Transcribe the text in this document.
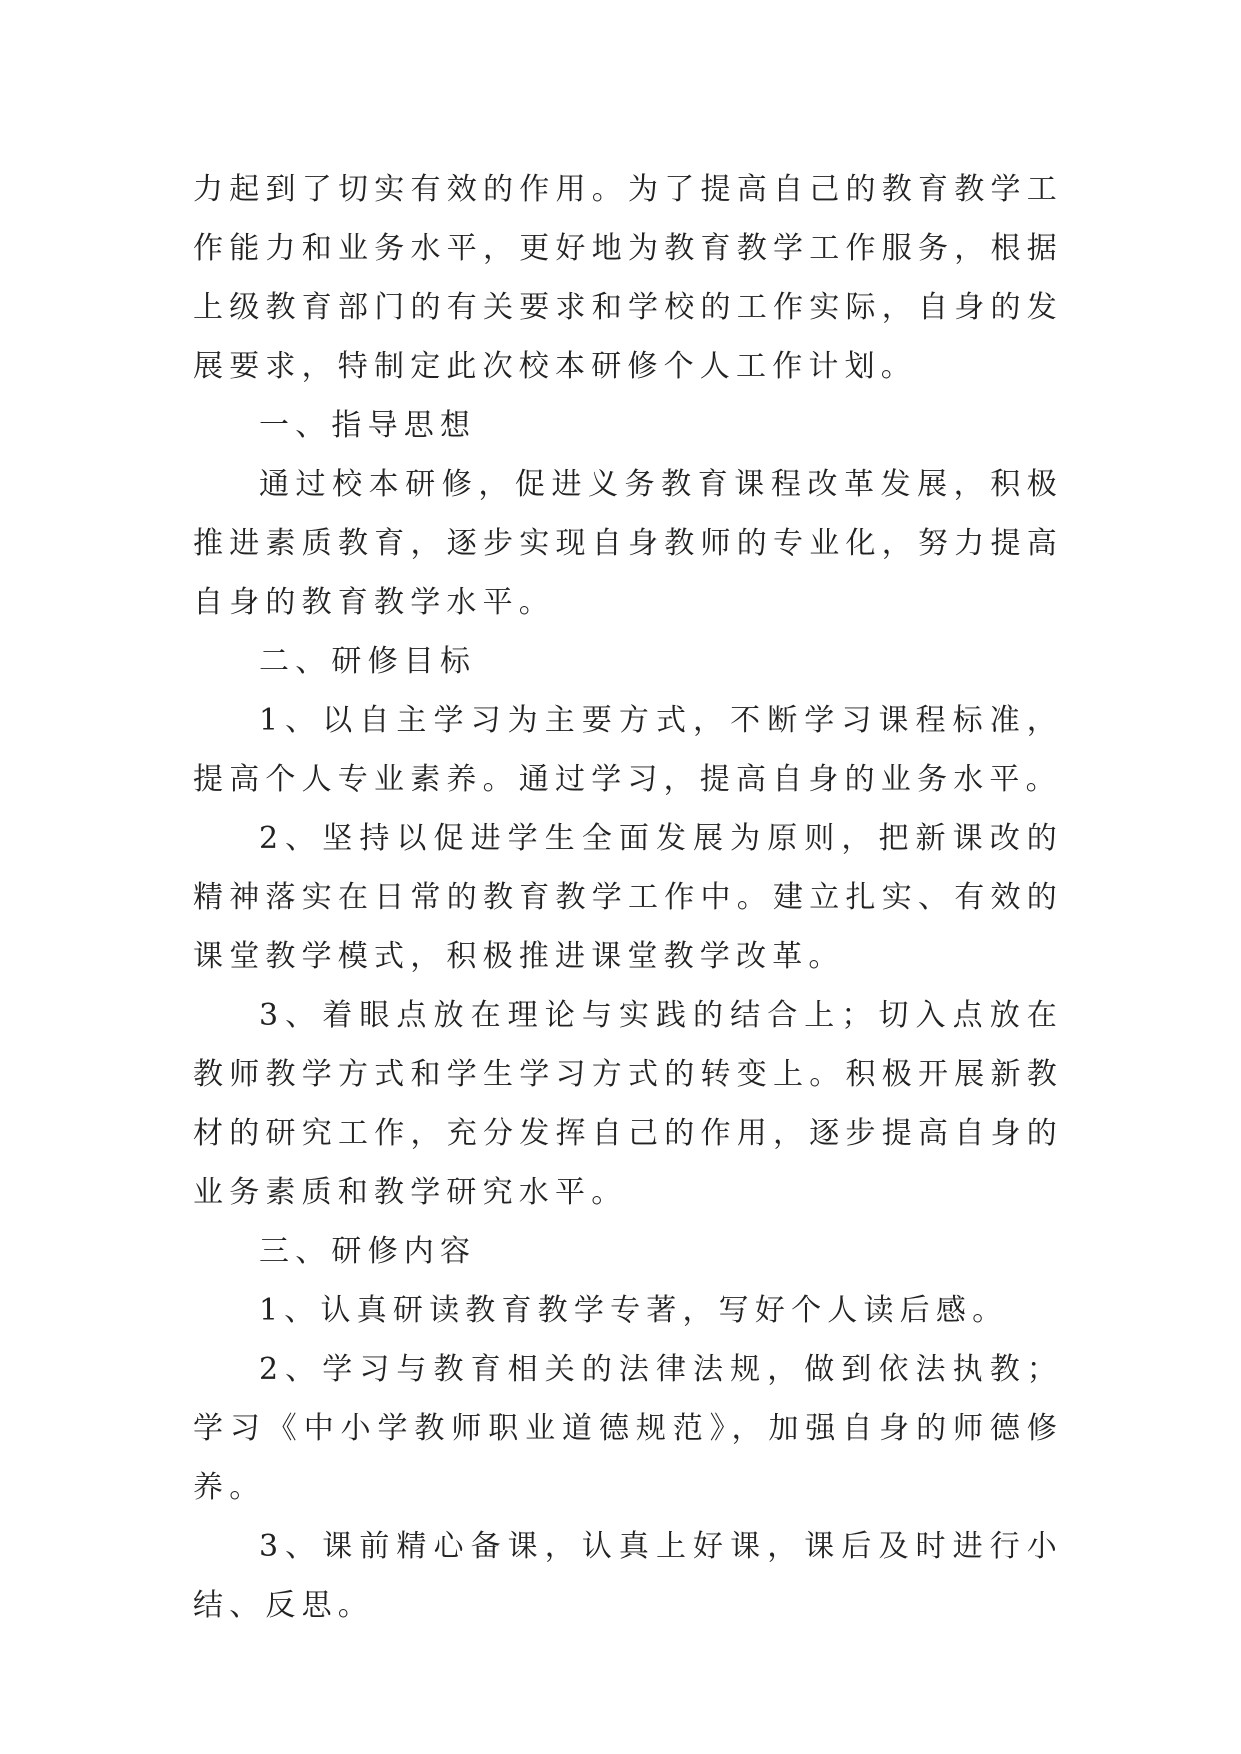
力起到了切实有效的作用。为了提高自己的教育教学工作能力和业务水平，更好地为教育教学工作服务，根据上级教育部门的有关要求和学校的工作实际，自身的发展要求，特制定此次校本研修个人工作计划。

一、指导思想

通过校本研修，促进义务教育课程改革发展，积极推进素质教育，逐步实现自身教师的专业化，努力提高自身的教育教学水平。

二、研修目标

1、以自主学习为主要方式，不断学习课程标准，提高个人专业素养。通过学习，提高自身的业务水平。

2、坚持以促进学生全面发展为原则，把新课改的精神落实在日常的教育教学工作中。建立扎实、有效的课堂教学模式，积极推进课堂教学改革。

3、着眼点放在理论与实践的结合上；切入点放在教师教学方式和学生学习方式的转变上。积极开展新教材的研究工作，充分发挥自己的作用，逐步提高自身的业务素质和教学研究水平。

三、研修内容

1、认真研读教育教学专著，写好个人读后感。

2、学习与教育相关的法律法规，做到依法执教；学习《中小学教师职业道德规范》，加强自身的师德修养。

3、课前精心备课，认真上好课，课后及时进行小结、反思。
